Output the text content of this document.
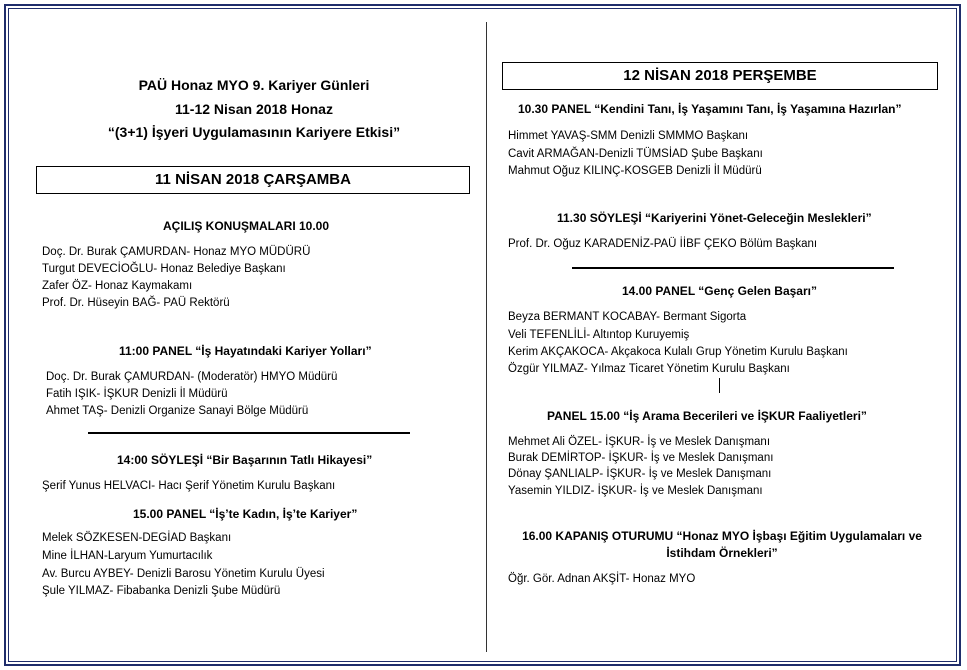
PAÜ Honaz MYO 9. Kariyer Günleri
11-12 Nisan 2018 Honaz
“(3+1) İşyeri Uygulamasının Kariyere Etkisi”
11 NİSAN 2018 ÇARŞAMBA
AÇILIŞ KONUŞMALARI 10.00
Doç. Dr. Burak ÇAMURDAN- Honaz MYO MÜDÜRÜ
Turgut DEVECİOĞLU- Honaz Belediye Başkanı
Zafer ÖZ- Honaz Kaymakamı
Prof. Dr. Hüseyin BAĞ- PAÜ Rektörü
11:00 PANEL “İş Hayatındaki Kariyer Yolları”
Doç. Dr. Burak ÇAMURDAN- (Moderatör) HMYO Müdürü
Fatih IŞIK- İŞKUR Denizli İl Müdürü
Ahmet TAŞ- Denizli Organize Sanayi Bölge Müdürü
14:00 SÖYLEŞİ “Bir Başarının Tatlı Hikayesi”
Şerif Yunus HELVACI- Hacı Şerif Yönetim Kurulu Başkanı
15.00 PANEL “İş’te Kadın, İş’te Kariyer”
Melek SÖZKESEN-DEGİAD Başkanı
Mine İLHAN-Laryum Yumurtacılık
Av. Burcu AYBEY- Denizli Barosu Yönetim Kurulu Üyesi
Şule YILMAZ- Fibabanka Denizli Şube Müdürü
12 NİSAN 2018 PERŞEMBE
10.30 PANEL “Kendini Tanı, İş Yaşamını Tanı, İş Yaşamına Hazırlan”
Himmet YAVAŞ-SMM Denizli SMMMO Başkanı
Cavit ARMAĞAN-Denizli TÜMSİAD Şube Başkanı
Mahmut Oğuz KILINÇ-KOSGEB Denizli İl Müdürü
11.30 SÖYLEŞİ “Kariyerini Yönet-Geleceğin Meslekleri”
Prof. Dr. Oğuz KARADENİZ-PAÜ İİBF ÇEKO Bölüm Başkanı
14.00 PANEL “Genç Gelen Başarı”
Beyza BERMANT KOCABAY- Bermant Sigorta
Veli TEFENLİLİ- Altıntop Kuruyemiş
Kerim AKÇAKOCA- Akçakoca Kulalı Grup Yönetim Kurulu Başkanı
Özgür YILMAZ- Yılmaz Ticaret Yönetim Kurulu Başkanı
PANEL 15.00 “İş Arama Becerileri ve İŞKUR Faaliyetleri”
Mehmet Ali ÖZEL- İŞKUR- İş ve Meslek Danışmanı
Burak DEMİRTOP- İŞKUR- İş ve Meslek Danışmanı
Dönay ŞANLIALP- İŞKUR- İş ve Meslek Danışmanı
Yasemin YILDIZ- İŞKUR- İş ve Meslek Danışmanı
16.00 KAPANIŞ OTURUMU “Honaz MYO İşbaşı Eğitim Uygulamaları ve
İstihdam Örnekleri”
Öğr. Gör. Adnan AKŞİT- Honaz MYO
